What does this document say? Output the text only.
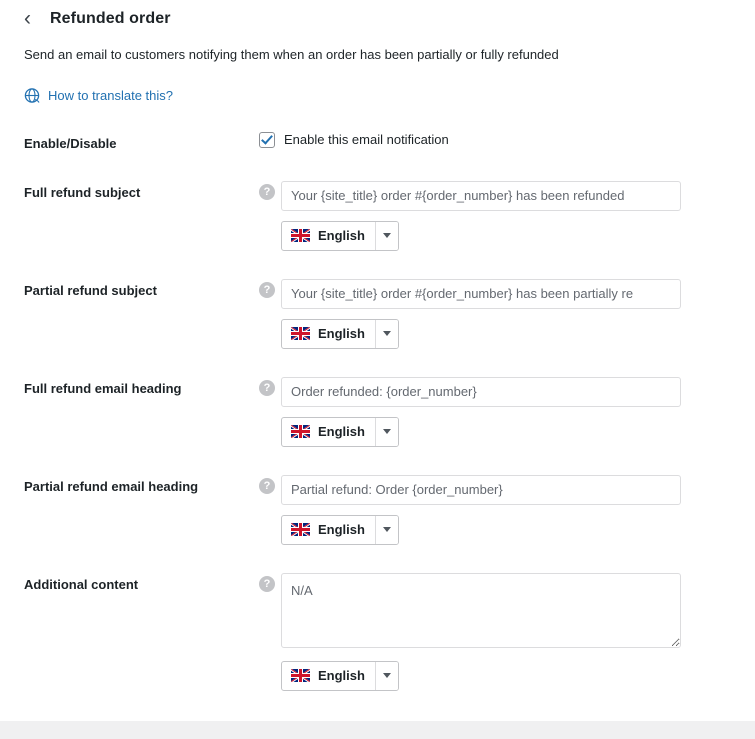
‹	Refunded order
Send an email to customers notifying them when an order has been partially or fully refunded
How to translate this?
Enable/Disable	Enable this email notification
Full refund subject	?
Your {site_title} order #{order_number} has been refunded
English
Partial refund subject	?
Your {site_title} order #{order_number} has been partially re
English
Full refund email heading	?
Order refunded: {order_number}
English
Partial refund email heading	?
Partial refund: Order {order_number}
English
Additional content	?
N/A
English
